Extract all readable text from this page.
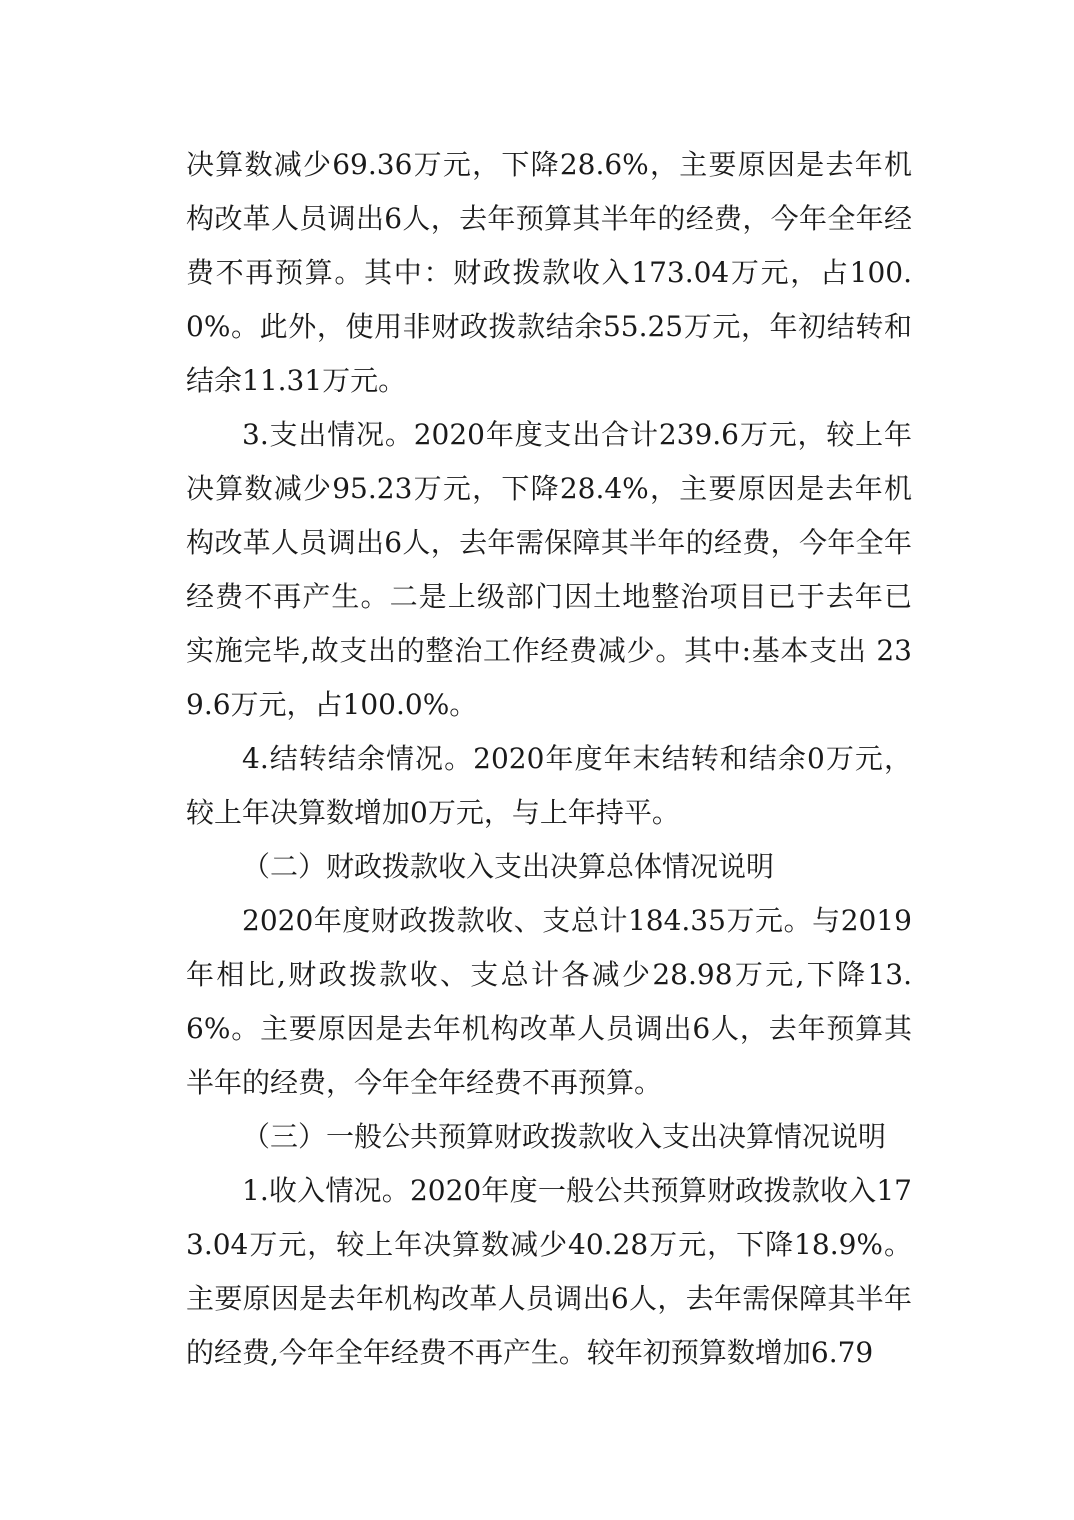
决算数减少69.36万元，下降28.6%，主要原因是去年机构改革人员调出6人，去年预算其半年的经费，今年全年经费不再预算。其中：财政拨款收入173.04万元，占100.0%。此外，使用非财政拨款结余55.25万元，年初结转和结余11.31万元。

3.支出情况。2020年度支出合计239.6万元，较上年决算数减少95.23万元，下降28.4%，主要原因是去年机构改革人员调出6人，去年需保障其半年的经费，今年全年经费不再产生。二是上级部门因土地整治项目已于去年已实施完毕,故支出的整治工作经费减少。其中:基本支出 239.6万元，占100.0%。

4.结转结余情况。2020年度年末结转和结余0万元，较上年决算数增加0万元，与上年持平。

（二）财政拨款收入支出决算总体情况说明

2020年度财政拨款收、支总计184.35万元。与2019年相比,财政拨款收、支总计各减少28.98万元,下降13.6%。主要原因是去年机构改革人员调出6人，去年预算其半年的经费，今年全年经费不再预算。

（三）一般公共预算财政拨款收入支出决算情况说明

1.收入情况。2020年度一般公共预算财政拨款收入173.04万元，较上年决算数减少40.28万元，下降18.9%。主要原因是去年机构改革人员调出6人，去年需保障其半年的经费,今年全年经费不再产生。较年初预算数增加6.79
